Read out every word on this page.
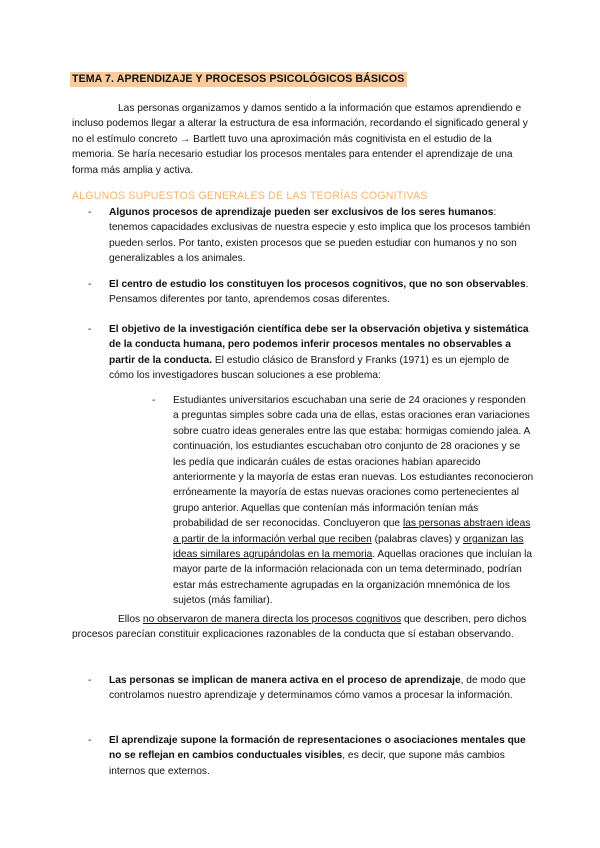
TEMA 7. APRENDIZAJE Y PROCESOS PSICOLÓGICOS BÁSICOS

Las personas organizamos y damos sentido a la información que estamos aprendiendo e incluso podemos llegar a alterar la estructura de esa información, recordando el significado general y no el estímulo concreto → Bartlett tuvo una aproximación más cognitivista en el estudio de la memoria. Se haría necesario estudiar los procesos mentales para entender el aprendizaje de una forma más amplia y activa.

ALGUNOS SUPUESTOS GENERALES DE LAS TEORÍAS COGNITIVAS
- Algunos procesos de aprendizaje pueden ser exclusivos de los seres humanos: tenemos capacidades exclusivas de nuestra especie y esto implica que los procesos también pueden serlos. Por tanto, existen procesos que se pueden estudiar con humanos y no son generalizables a los animales.

- El centro de estudio los constituyen los procesos cognitivos, que no son observables. Pensamos diferentes por tanto, aprendemos cosas diferentes.

- El objetivo de la investigación científica debe ser la observación objetiva y sistemática de la conducta humana, pero podemos inferir procesos mentales no observables a partir de la conducta. El estudio clásico de Bransford y Franks (1971) es un ejemplo de cómo los investigadores buscan soluciones a ese problema:

- Estudiantes universitarios escuchaban una serie de 24 oraciones y responden a preguntas simples sobre cada una de ellas, estas oraciones eran variaciones sobre cuatro ideas generales entre las que estaba: hormigas comiendo jalea. A continuación, los estudiantes escuchaban otro conjunto de 28 oraciones y se les pedía que indicarán cuáles de estas oraciones habían aparecido anteriormente y la mayoría de estas eran nuevas. Los estudiantes reconocieron erróneamente la mayoría de estas nuevas oraciones como pertenecientes al grupo anterior. Aquellas que contenían más información tenían más probabilidad de ser reconocidas. Concluyeron que las personas abstraen ideas a partir de la información verbal que reciben (palabras claves) y organizan las ideas similares agrupándolas en la memoria. Aquellas oraciones que incluían la mayor parte de la información relacionada con un tema determinado, podrían estar más estrechamente agrupadas en la organización mnemónica de los sujetos (más familiar).

Ellos no observaron de manera directa los procesos cognitivos que describen, pero dichos procesos parecían constituir explicaciones razonables de la conducta que sí estaban observando.

- Las personas se implican de manera activa en el proceso de aprendizaje, de modo que controlamos nuestro aprendizaje y determinamos cómo vamos a procesar la información.

- El aprendizaje supone la formación de representaciones o asociaciones mentales que no se reflejan en cambios conductuales visibles, es decir, que supone más cambios internos que externos.
